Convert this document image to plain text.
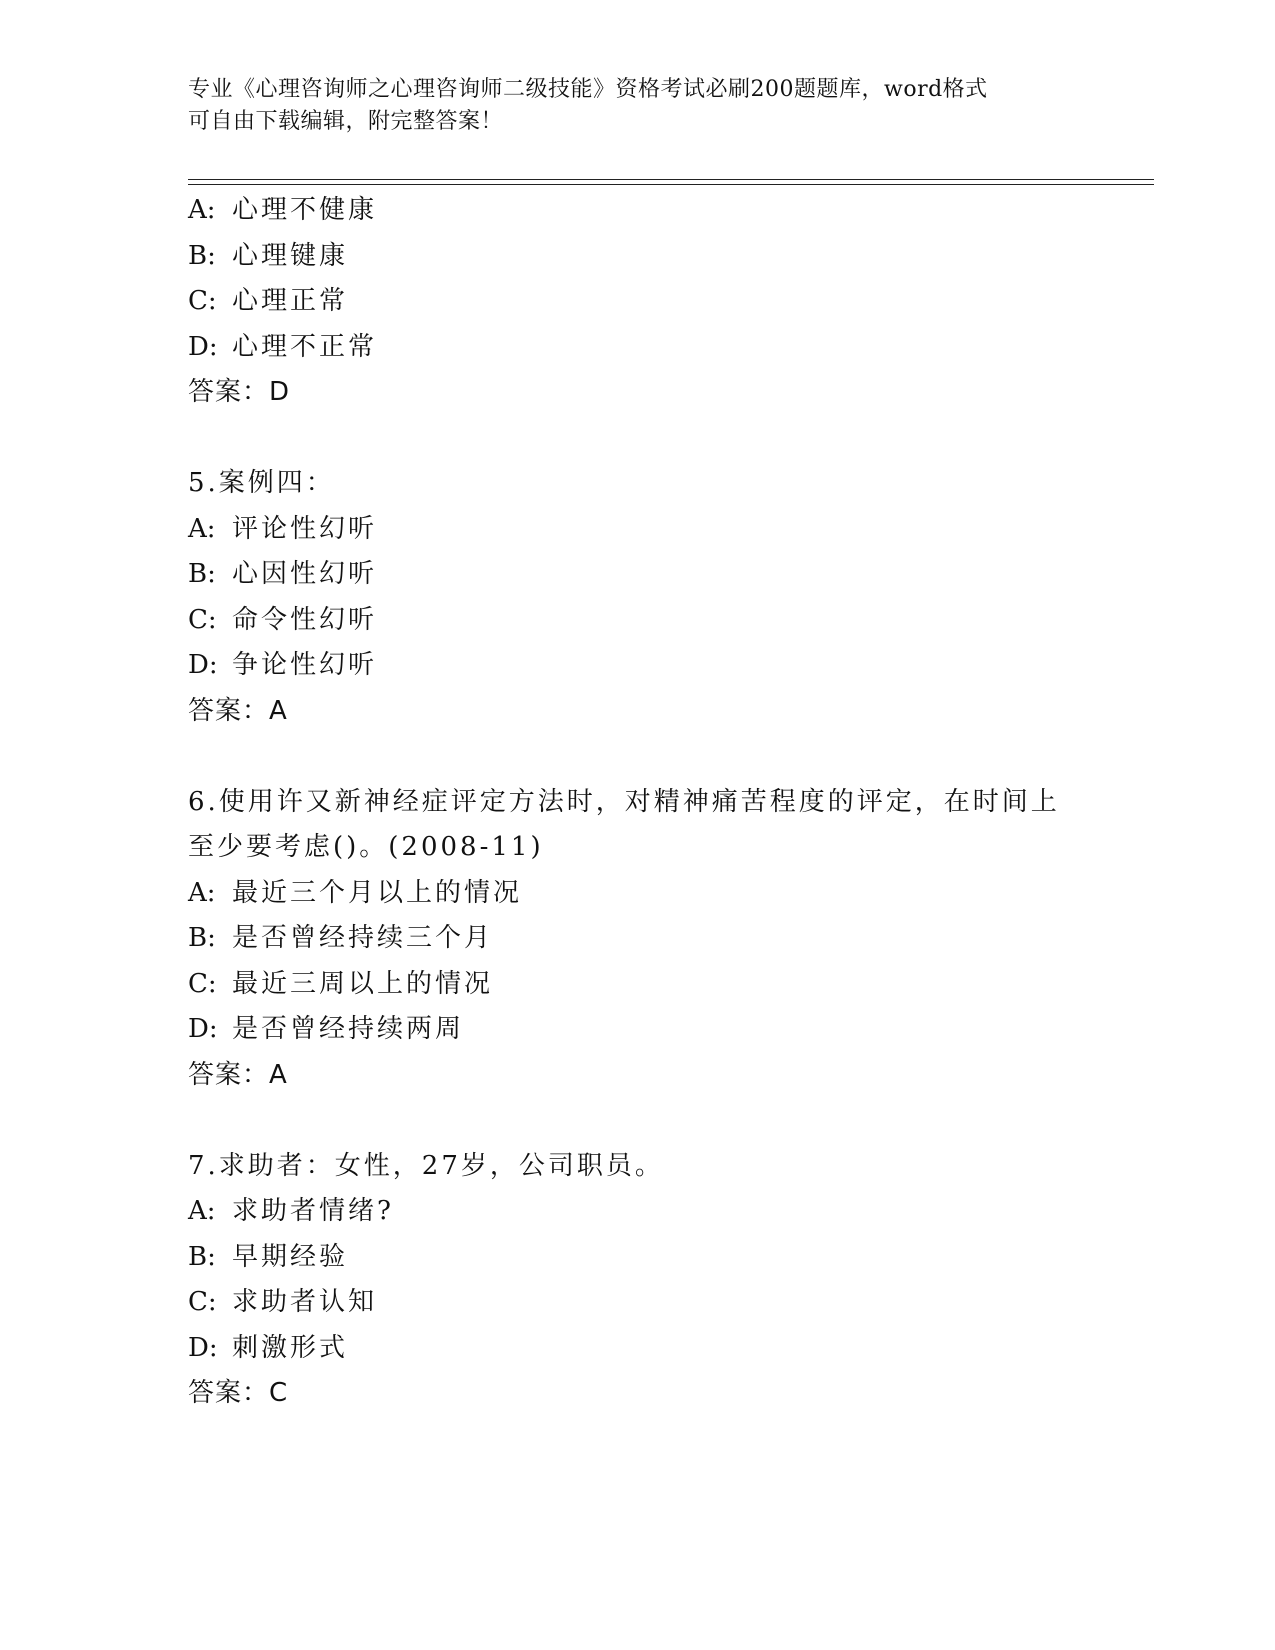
专业《心理咨询师之心理咨询师二级技能》资格考试必刷200题题库，word格式
可自由下载编辑，附完整答案！
A: 心理不健康
B: 心理键康
C: 心理正常
D: 心理不正常
答案：D
5.案例四：
A: 评论性幻听
B: 心因性幻听
C: 命令性幻听
D: 争论性幻听
答案：A
6.使用许又新神经症评定方法时，对精神痛苦程度的评定，在时间上
至少要考虑()。(2008-11)
A: 最近三个月以上的情况
B: 是否曾经持续三个月
C: 最近三周以上的情况
D: 是否曾经持续两周
答案：A
7.求助者：女性，27岁，公司职员。
A: 求助者情绪?
B: 早期经验
C: 求助者认知
D: 刺激形式
答案：C
